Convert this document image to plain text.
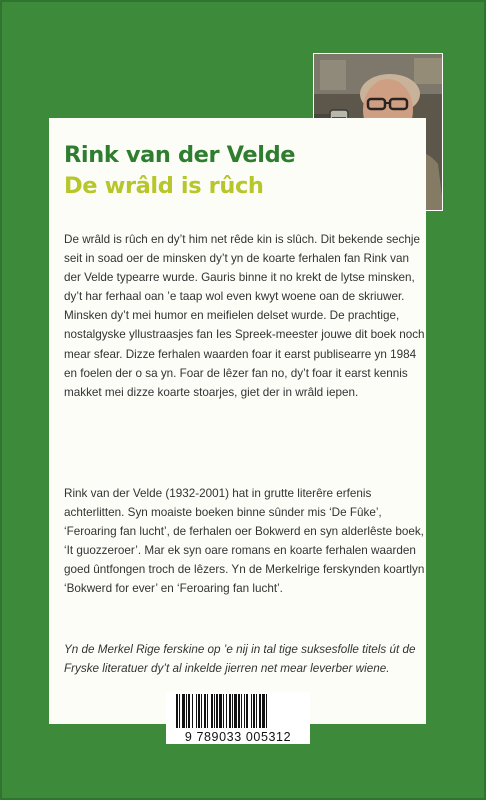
Rink van der Velde
De wrâld is rûch

De wrâld is rûch en dy’t him net rêde kin is slûch. Dit bekende sechje seit in soad oer de minsken dy’t yn de koarte ferhalen fan Rink van der Velde typearre wurde. Gauris binne it no krekt de lytse minsken, dy’t har ferhaal oan ’e taap wol even kwyt woene oan de skriuwer. Minsken dy’t mei humor en meifielen delset wurde. De prachtige, nostalgyske yllustraasjes fan Ies Spreek-meester jouwe dit boek noch mear sfear. Dizze ferhalen waarden foar it earst publisearre yn 1984 en foelen der o sa yn. Foar de lêzer fan no, dy’t foar it earst kennis makket mei dizze koarte stoarjes, giet der in wrâld iepen.

Rink van der Velde (1932-2001) hat in grutte literêre erfenis achterlitten. Syn moaiste boeken binne sûnder mis ‘De Fûke’, ‘Feroaring fan lucht’, de ferhalen oer Bokwerd en syn alderlêste boek, ‘It guozzeroer’. Mar ek syn oare romans en koarte ferhalen waarden goed ûntfongen troch de lêzers. Yn de Merkelrige ferskynden koartlyn ‘Bokwerd for ever’ en ‘Feroaring fan lucht’.

Yn de Merkel Rige ferskine op ’e nij in tal tige suksesfolle titels út de Fryske literatuer dy’t al inkelde jierren net mear leverber wiene.

9 789033 005312
